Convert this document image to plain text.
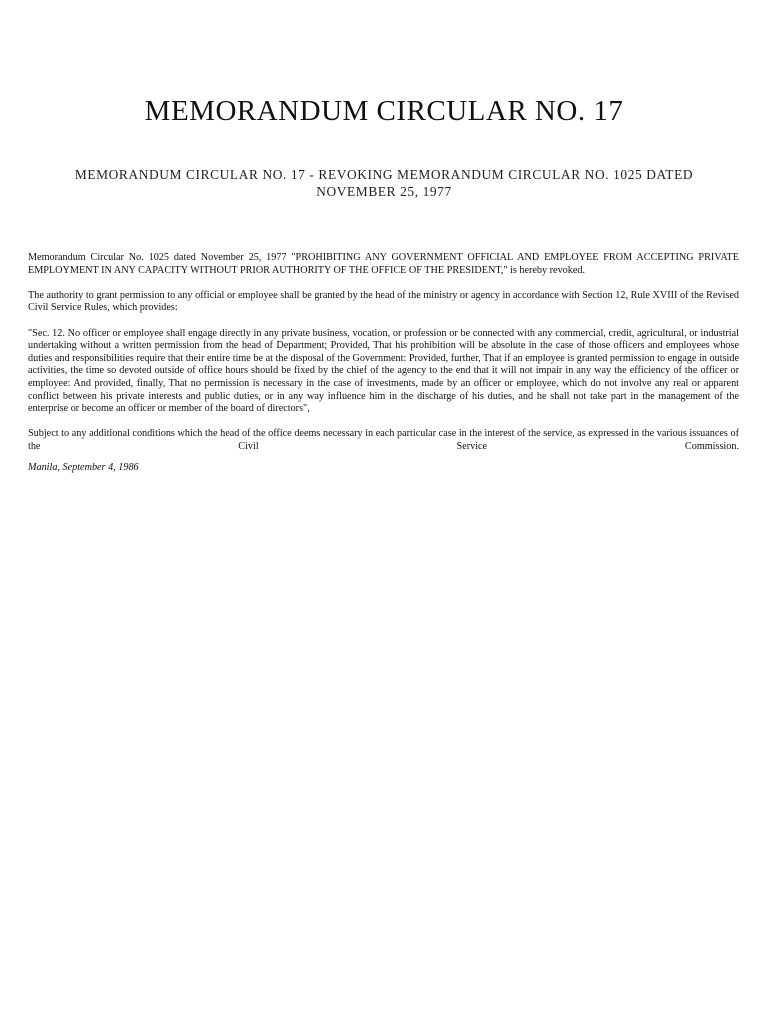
MEMORANDUM CIRCULAR NO. 17
MEMORANDUM CIRCULAR NO. 17 - REVOKING MEMORANDUM CIRCULAR NO. 1025 DATED NOVEMBER 25, 1977

Memorandum Circular No. 1025 dated November 25, 1977 "PROHIBITING ANY GOVERNMENT OFFICIAL AND EMPLOYEE FROM ACCEPTING PRIVATE EMPLOYMENT IN ANY CAPACITY WITHOUT PRIOR AUTHORITY OF THE OFFICE OF THE PRESIDENT," is hereby revoked.

The authority to grant permission to any official or employee shall be granted by the head of the ministry or agency in accordance with Section 12, Rule XVIII of the Revised Civil Service Rules, which provides:

"Sec. 12. No officer or employee shall engage directly in any private business, vocation, or profession or be connected with any commercial, credit, agricultural, or industrial undertaking without a written permission from the head of Department; Provided, That his prohibition will be absolute in the case of those officers and employees whose duties and responsibilities require that their entire time be at the disposal of the Government: Provided, further, That if an employee is granted permission to engage in outside activities, the time so devoted outside of office hours should be fixed by the chief of the agency to the end that it will not impair in any way the efficiency of the officer or employee: And provided, finally, That no permission is necessary in the case of investments, made by an officer or employee, which do not involve any real or apparent conflict between his private interests and public duties, or in any way influence him in the discharge of his duties, and he shall not take part in the management of the enterprise or become an officer or member of the board of directors",

Subject to any additional conditions which the head of the office deems necessary in each particular case in the interest of the service, as expressed in the various issuances of the Civil Service Commission.

Manila, September 4, 1986
